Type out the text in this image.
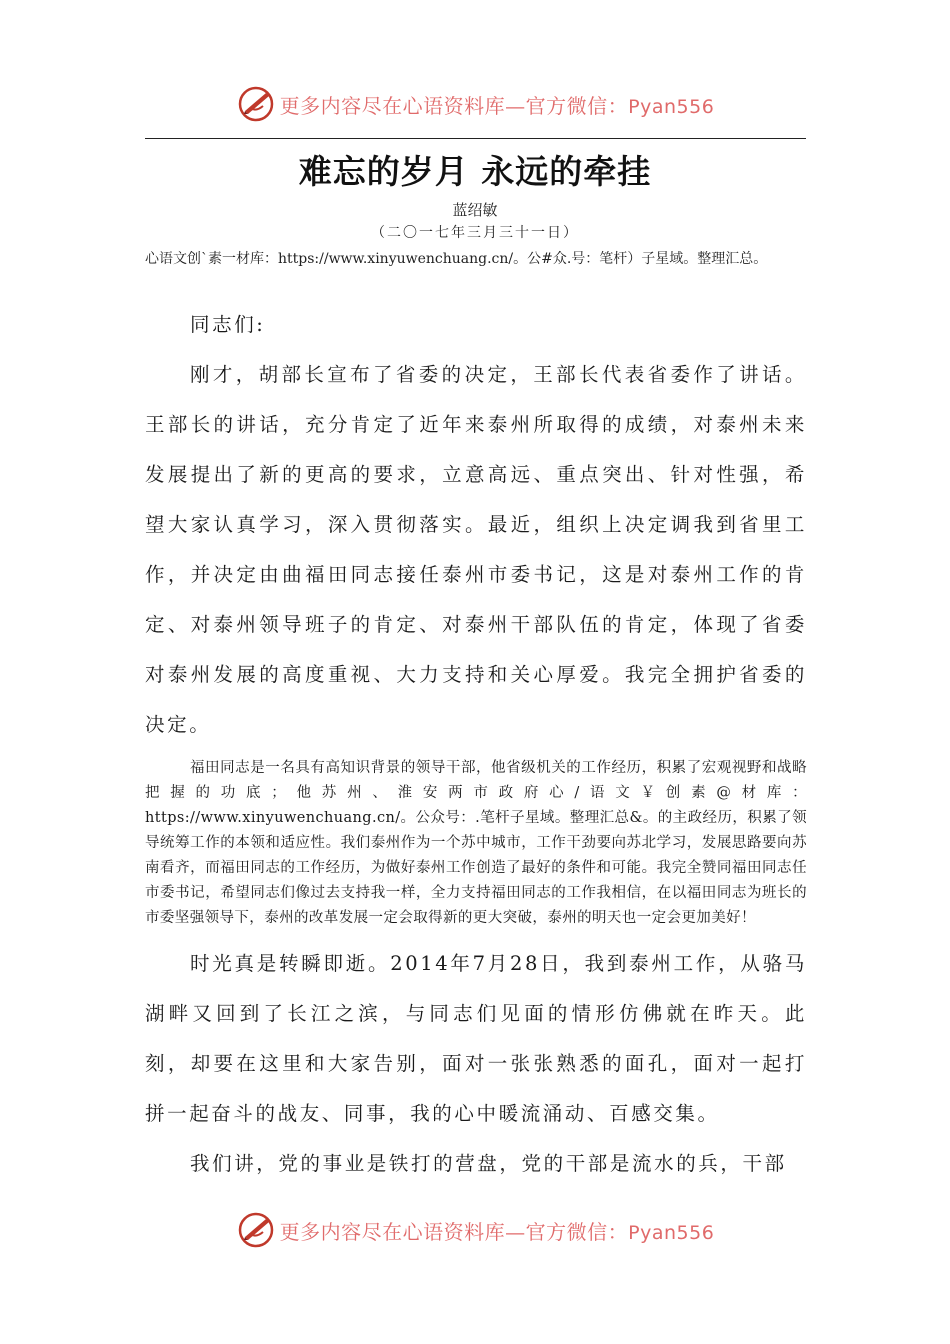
更多内容尽在心语资料库—官方微信：Pyan556
难忘的岁月 永远的牵挂
蓝绍敏
（二〇一七年三月三十一日）

心语文创`素一材库：https://www.xinyuwenchuang.cn/。公#众.号：笔杆）子星域。整理汇总。

同志们:

刚才，胡部长宣布了省委的决定，王部长代表省委作了讲话。王部长的讲话，充分肯定了近年来泰州所取得的成绩，对泰州未来发展提出了新的更高的要求，立意高远、重点突出、针对性强，希望大家认真学习，深入贯彻落实。最近，组织上决定调我到省里工作，并决定由曲福田同志接任泰州市委书记，这是对泰州工作的肯定、对泰州领导班子的肯定、对泰州干部队伍的肯定，体现了省委对泰州发展的高度重视、大力支持和关心厚爱。我完全拥护省委的决定。

福田同志是一名具有高知识背景的领导干部，他省级机关的工作经历，积累了宏观视野和战略把握的功底；他苏州、淮安两市政府心/语文￥创素@材库：https://www.xinyuwenchuang.cn/。公众号：.笔杆子星域。整理汇总&。的主政经历，积累了领导统筹工作的本领和适应性。我们泰州作为一个苏中城市，工作干劲要向苏北学习，发展思路要向苏南看齐，而福田同志的工作经历，为做好泰州工作创造了最好的条件和可能。我完全赞同福田同志任市委书记，希望同志们像过去支持我一样，全力支持福田同志的工作我相信，在以福田同志为班长的市委坚强领导下，泰州的改革发展一定会取得新的更大突破，泰州的明天也一定会更加美好！

时光真是转瞬即逝。2014年7月28日，我到泰州工作，从骆马湖畔又回到了长江之滨，与同志们见面的情形仿佛就在昨天。此刻，却要在这里和大家告别，面对一张张熟悉的面孔，面对一起打拼一起奋斗的战友、同事，我的心中暖流涌动、百感交集。

我们讲，党的事业是铁打的营盘，党的干部是流水的兵，干部

更多内容尽在心语资料库—官方微信：Pyan556
